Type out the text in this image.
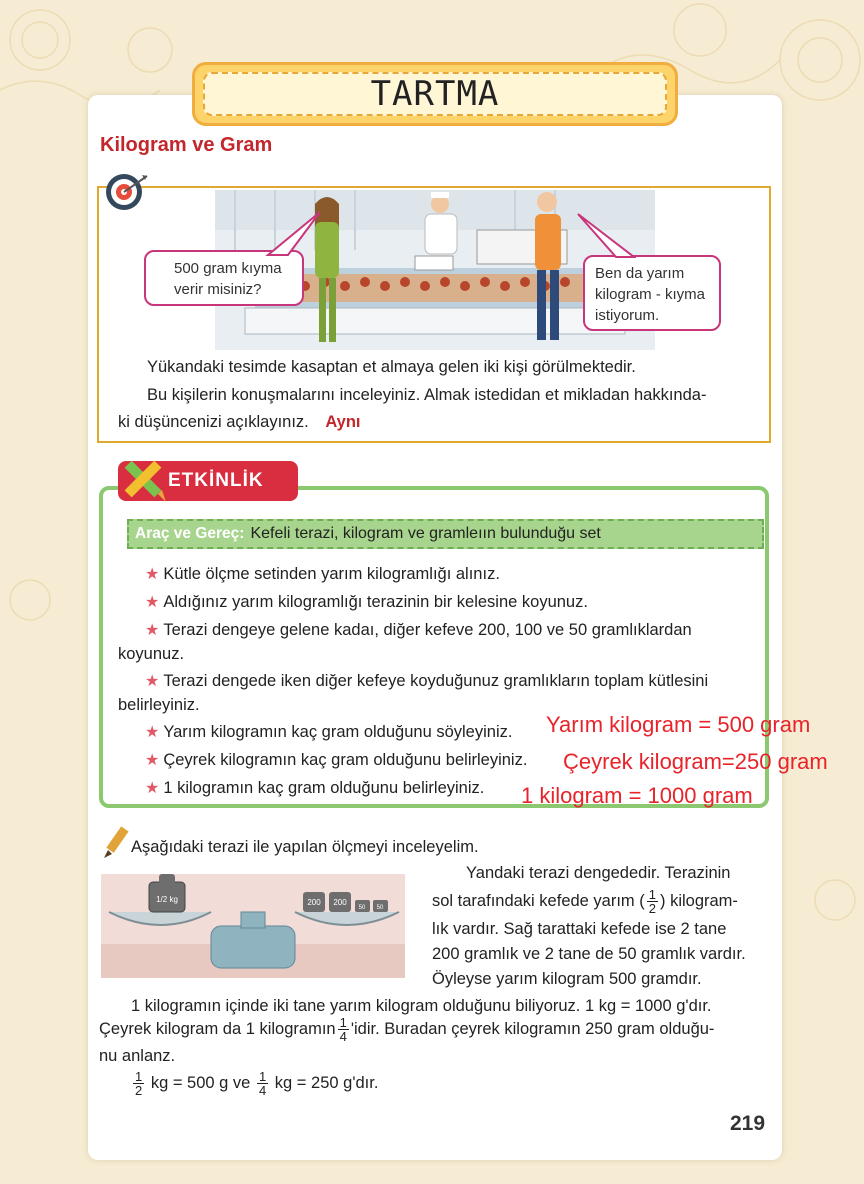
TARTMA
Kilogram ve Gram
500 gram kıyma
verir misiniz?
Ben da yarım
kilogram - kıyma
istiyorum.
Yükandaki tesimde kasaptan et almaya gelen iki kişi görülmektedir.
Bu kişilerin konuşmalarını inceleyiniz. Almak istedidan et mikladan hakkında-
ki düşüncenizi açıklayınız. Aynı
ETKİNLİK
Araç ve Gereç: Kefeli terazi, kilogram ve gramleıın bulunduğu set
★ Kütle ölçme setinden yarım kilogramlığı alınız.
★ Aldığınız yarım kilogramlığı terazinin bir kelesine koyunuz.
★ Terazi dengeye gelene kadaı, diğer kefeve 200, 100 ve 50 gramlıklardan
koyunuz.
★ Terazi dengede iken diğer kefeye koyduğunuz gramlıkların toplam kütlesini
belirleyiniz.
★ Yarım kilogramın kaç gram olduğunu söyleyiniz.
★ Çeyrek kilogramın kaç gram olduğunu belirleyiniz.
★ 1 kilogramın kaç gram olduğunu belirleyiniz.
Yarım kilogram = 500 gram
Çeyrek kilogram=250 gram
1 kilogram = 1000 gram
Aşağıdaki terazi ile yapılan ölçmeyi inceleyelim.
1/2 kg	200 200
50 50
Yandaki terazi dengededir. Terazinin
sol tarafındaki kefede yarım ( $\frac{1}{2}$ ) kilogram-
lık vardır. Sağ tarattaki kefede ise 2 tane
200 gramlık ve 2 tane de 50 gramlık vardır.
Öyleyse yarım kilogram 500 gramdır.
1 kilogramın içinde iki tane yarım kilogram olduğunu biliyoruz. 1 kg = 1000 g'dır.
Çeyrek kilogram da 1 kilogramın $\frac{1}{4}$ 'idir. Buradan çeyrek kilogramın 250 gram olduğu-
nu anlanz.
$\frac{1}{2}$ kg = 500 g ve $\frac{1}{4}$ kg = 250 g'dır.
219
